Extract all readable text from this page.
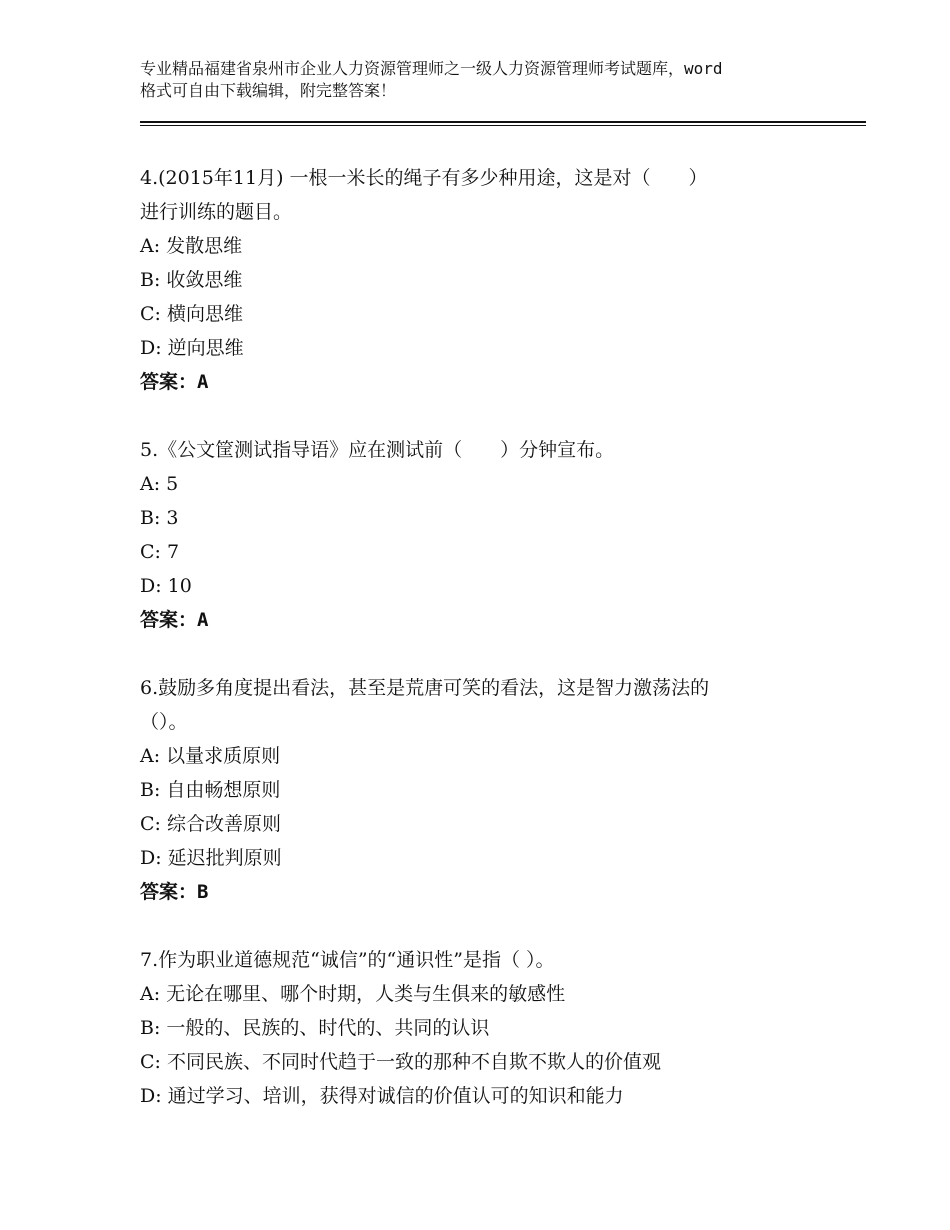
专业精品福建省泉州市企业人力资源管理师之一级人力资源管理师考试题库，word
格式可自由下载编辑，附完整答案！
4.(2015年11月) 一根一米长的绳子有多少种用途，这是对（　　）
进行训练的题目。
A: 发散思维
B: 收敛思维
C: 横向思维
D: 逆向思维
答案：A
5.《公文筐测试指导语》应在测试前（　　）分钟宣布。
A: 5
B: 3
C: 7
D: 10
答案：A
6.鼓励多角度提出看法，甚至是荒唐可笑的看法，这是智力激荡法的
（）。
A: 以量求质原则
B: 自由畅想原则
C: 综合改善原则
D: 延迟批判原则
答案：B
7.作为职业道德规范“诚信”的“通识性”是指（ ）。
A: 无论在哪里、哪个时期，人类与生俱来的敏感性
B: 一般的、民族的、时代的、共同的认识
C: 不同民族、不同时代趋于一致的那种不自欺不欺人的价值观
D: 通过学习、培训，获得对诚信的价值认可的知识和能力
